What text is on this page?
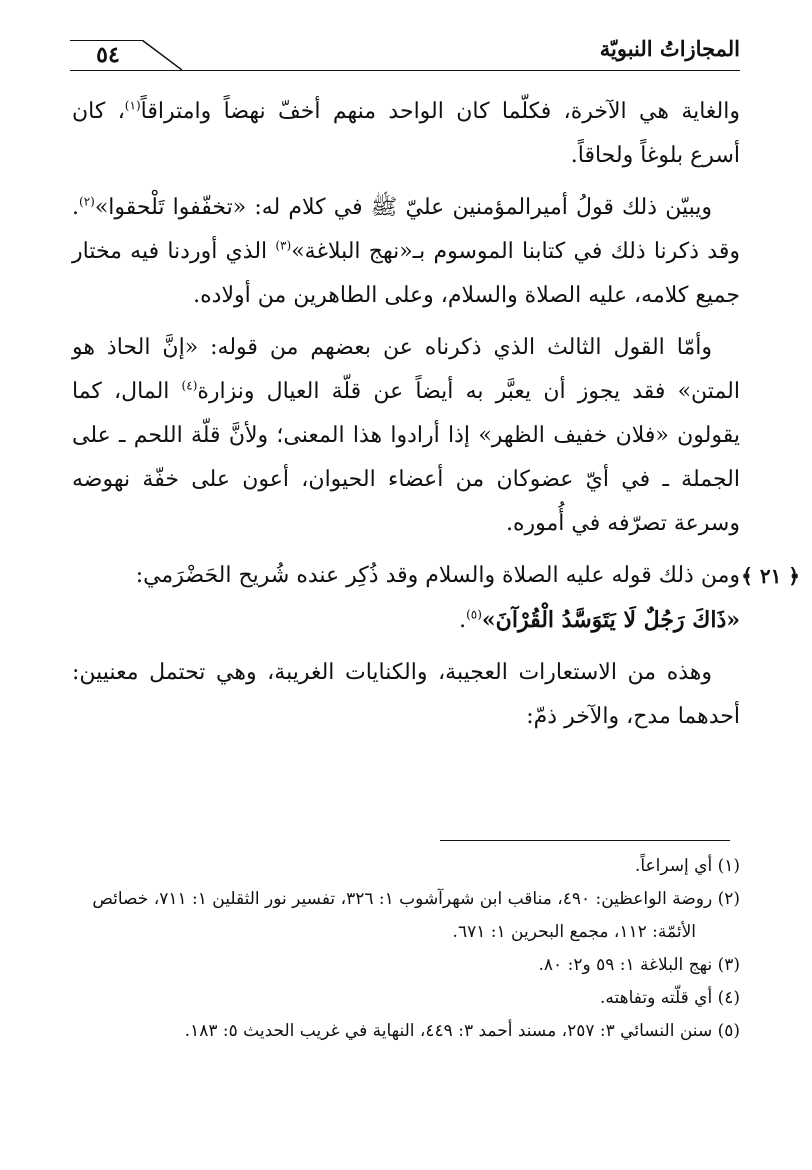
٥٤	المجازاتُ النبويّة

والغاية هي الآخرة، فكلّما كان الواحد منهم أخفّ نهضاً وامتراقاً$^{(١)}$، كان أسرع بلوغاً ولحاقاً.

ويبيّن ذلك قولُ أميرالمؤمنين عليّ ﷺ في كلام له: «تخفّفوا تَلْحقوا»$^{(٢)}$. وقد ذكرنا ذلك في كتابنا الموسوم بـ«نهج البلاغة»$^{(٣)}$ الذي أوردنا فيه مختار جميع كلامه، عليه الصلاة والسلام، وعلى الطاهرين من أولاده.

وأمّا القول الثالث الذي ذكرناه عن بعضهم من قوله: «إنَّ الحاذ هو المتن» فقد يجوز أن يعبَّر به أيضاً عن قلّة العيال ونزارة$^{(٤)}$ المال، كما يقولون «فلان خفيف الظهر» إذا أرادوا هذا المعنى؛ ولأنَّ قلّة اللحم ـ على الجملة ـ في أيّ عضوكان من أعضاء الحيوان، أعون على خفّة نهوضه وسرعة تصرّفه في أُموره.

﴿ ٢١ ﴾
ومن ذلك قوله عليه الصلاة والسلام وقد ذُكِر عنده شُريح الحَضْرَمي:
«ذَاكَ رَجُلٌ لَا يَتَوَسَّدُ الْقُرْآنَ»$^{(٥)}$.

وهذه من الاستعارات العجيبة، والكنايات الغريبة، وهي تحتمل معنيين: أحدهما مدح، والآخر ذمّ:

(١) أي إسراعاً.

(٢) روضة الواعظين: ٤٩٠، مناقب ابن شهرآشوب ١: ٣٢٦، تفسير نور الثقلين ١: ٧١١، خصائص

الأئمّة: ١١٢، مجمع البحرين ١: ٦٧١.

(٣) نهج البلاغة ١: ٥٩ و٢: ٨٠.

(٤) أي قلّته وتفاهته.

(٥) سنن النسائي ٣: ٢٥٧، مسند أحمد ٣: ٤٤٩، النهاية في غريب الحديث ٥: ١٨٣.
